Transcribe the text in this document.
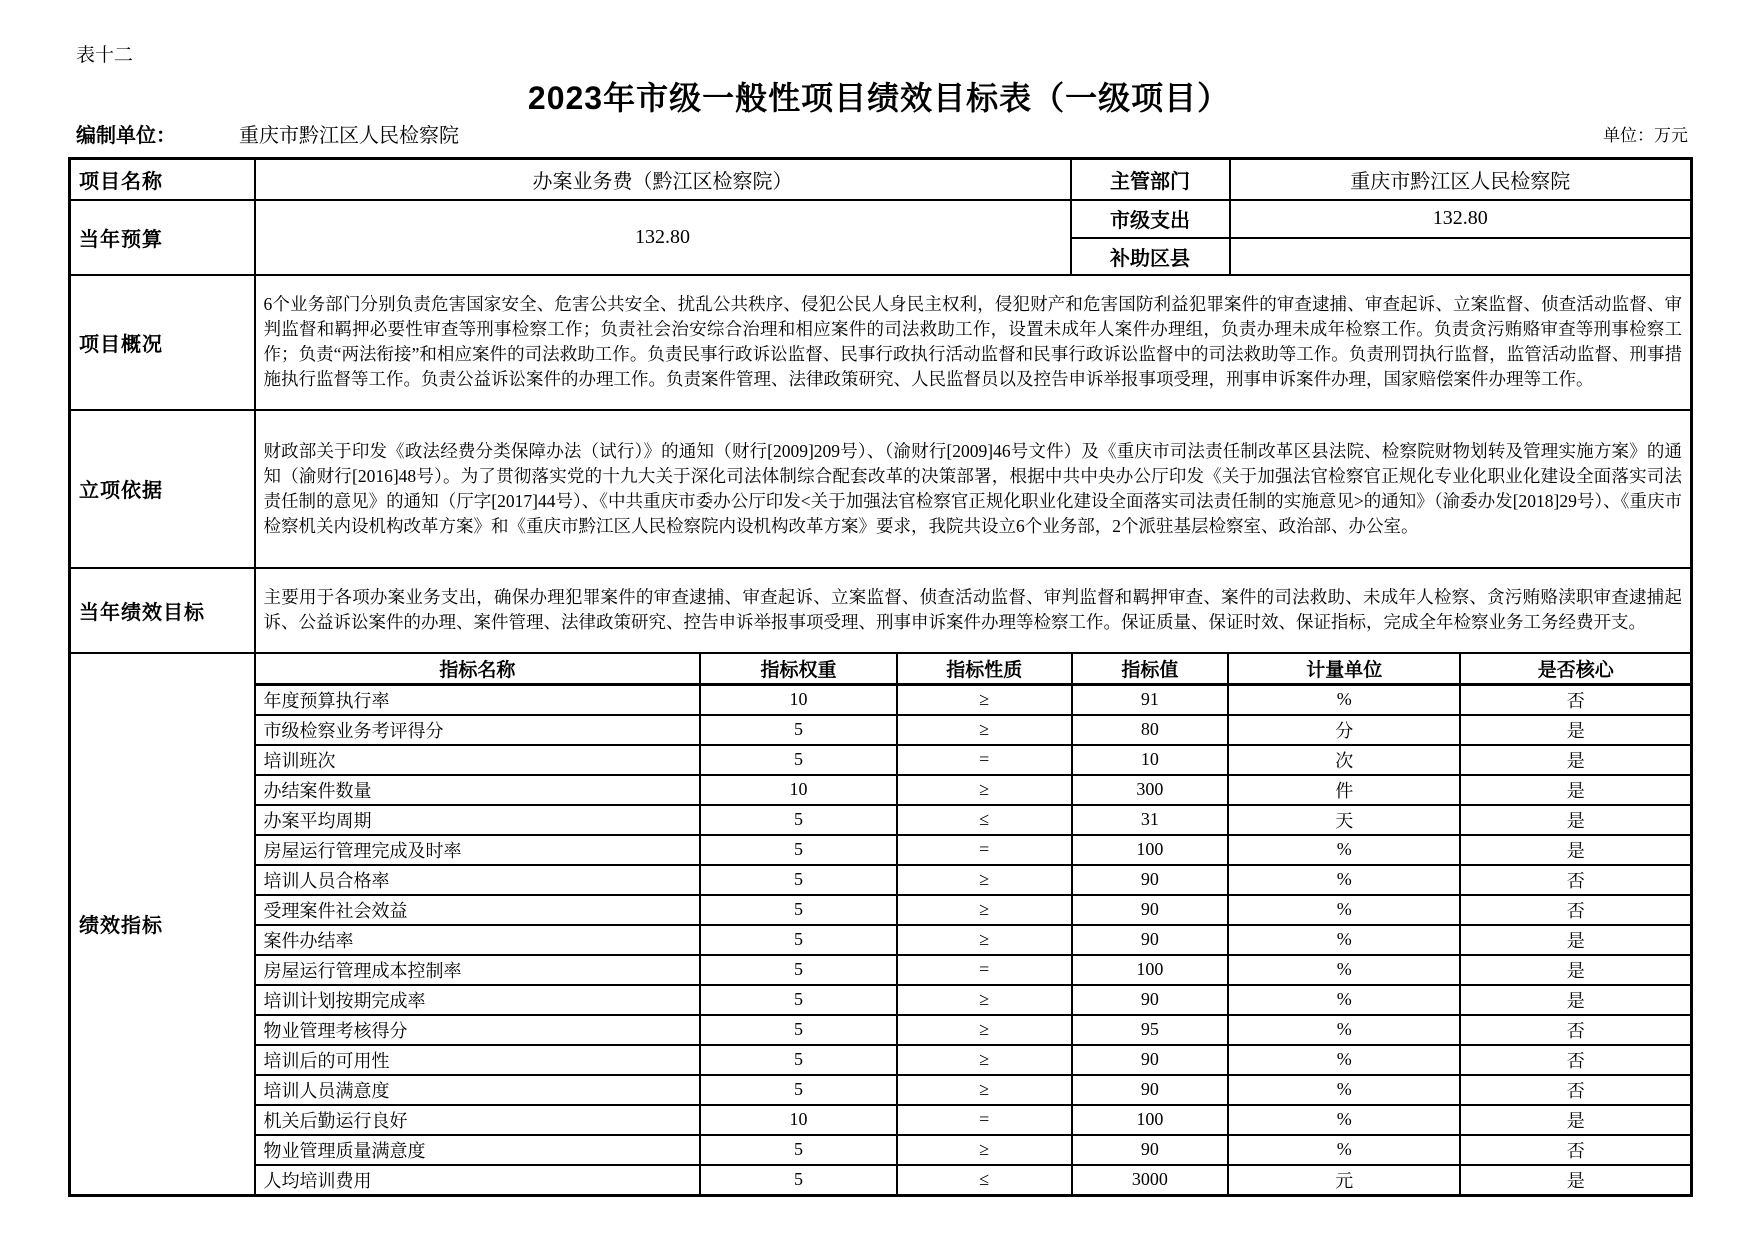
表十二
2023年市级一般性项目绩效目标表（一级项目）
编制单位：	重庆市黔江区人民检察院	单位：万元
项目名称	办案业务费（黔江区检察院）	主管部门	重庆市黔江区人民检察院
当年预算	132.80	市级支出	132.80
补助区县	
项目概况	6个业务部门分别负责危害国家安全、危害公共安全、扰乱公共秩序、侵犯公民人身民主权利，侵犯财产和危害国防利益犯罪案件的审查逮捕、审查起诉、立案监督、侦查活动监督、审判监督和羁押必要性审查等刑事检察工作；负责社会治安综合治理和相应案件的司法救助工作，设置未成年人案件办理组，负责办理未成年检察工作。负责贪污贿赂审查等刑事检察工作；负责“两法衔接”和相应案件的司法救助工作。负责民事行政诉讼监督、民事行政执行活动监督和民事行政诉讼监督中的司法救助等工作。负责刑罚执行监督，监管活动监督、刑事措施执行监督等工作。负责公益诉讼案件的办理工作。负责案件管理、法律政策研究、人民监督员以及控告申诉举报事项受理，刑事申诉案件办理，国家赔偿案件办理等工作。
立项依据	财政部关于印发《政法经费分类保障办法（试行）》的通知（财行[2009]209号）、（渝财行[2009]46号文件）及《重庆市司法责任制改革区县法院、检察院财物划转及管理实施方案》的通知（渝财行[2016]48号）。为了贯彻落实党的十九大关于深化司法体制综合配套改革的决策部署，根据中共中央办公厅印发《关于加强法官检察官正规化专业化职业化建设全面落实司法责任制的意见》的通知（厅字[2017]44号）、《中共重庆市委办公厅印发<关于加强法官检察官正规化职业化建设全面落实司法责任制的实施意见>的通知》（渝委办发[2018]29号）、《重庆市检察机关内设机构改革方案》和《重庆市黔江区人民检察院内设机构改革方案》要求，我院共设立6个业务部，2个派驻基层检察室、政治部、办公室。
当年绩效目标	主要用于各项办案业务支出，确保办理犯罪案件的审查逮捕、审查起诉、立案监督、侦查活动监督、审判监督和羁押审查、案件的司法救助、未成年人检察、贪污贿赂渎职审查逮捕起诉、公益诉讼案件的办理、案件管理、法律政策研究、控告申诉举报事项受理、刑事申诉案件办理等检察工作。保证质量、保证时效、保证指标，完成全年检察业务工务经费开支。
绩效指标	
指标名称	指标权重	指标性质	指标值	计量单位	是否核心
年度预算执行率	10	≥	91	%	否
市级检察业务考评得分	5	≥	80	分	是
培训班次	5	=	10	次	是
办结案件数量	10	≥	300	件	是
办案平均周期	5	≤	31	天	是
房屋运行管理完成及时率	5	=	100	%	是
培训人员合格率	5	≥	90	%	否
受理案件社会效益	5	≥	90	%	否
案件办结率	5	≥	90	%	是
房屋运行管理成本控制率	5	=	100	%	是
培训计划按期完成率	5	≥	90	%	是
物业管理考核得分	5	≥	95	%	否
培训后的可用性	5	≥	90	%	否
培训人员满意度	5	≥	90	%	否
机关后勤运行良好	10	=	100	%	是
物业管理质量满意度	5	≥	90	%	否
人均培训费用	5	≤	3000	元	是
